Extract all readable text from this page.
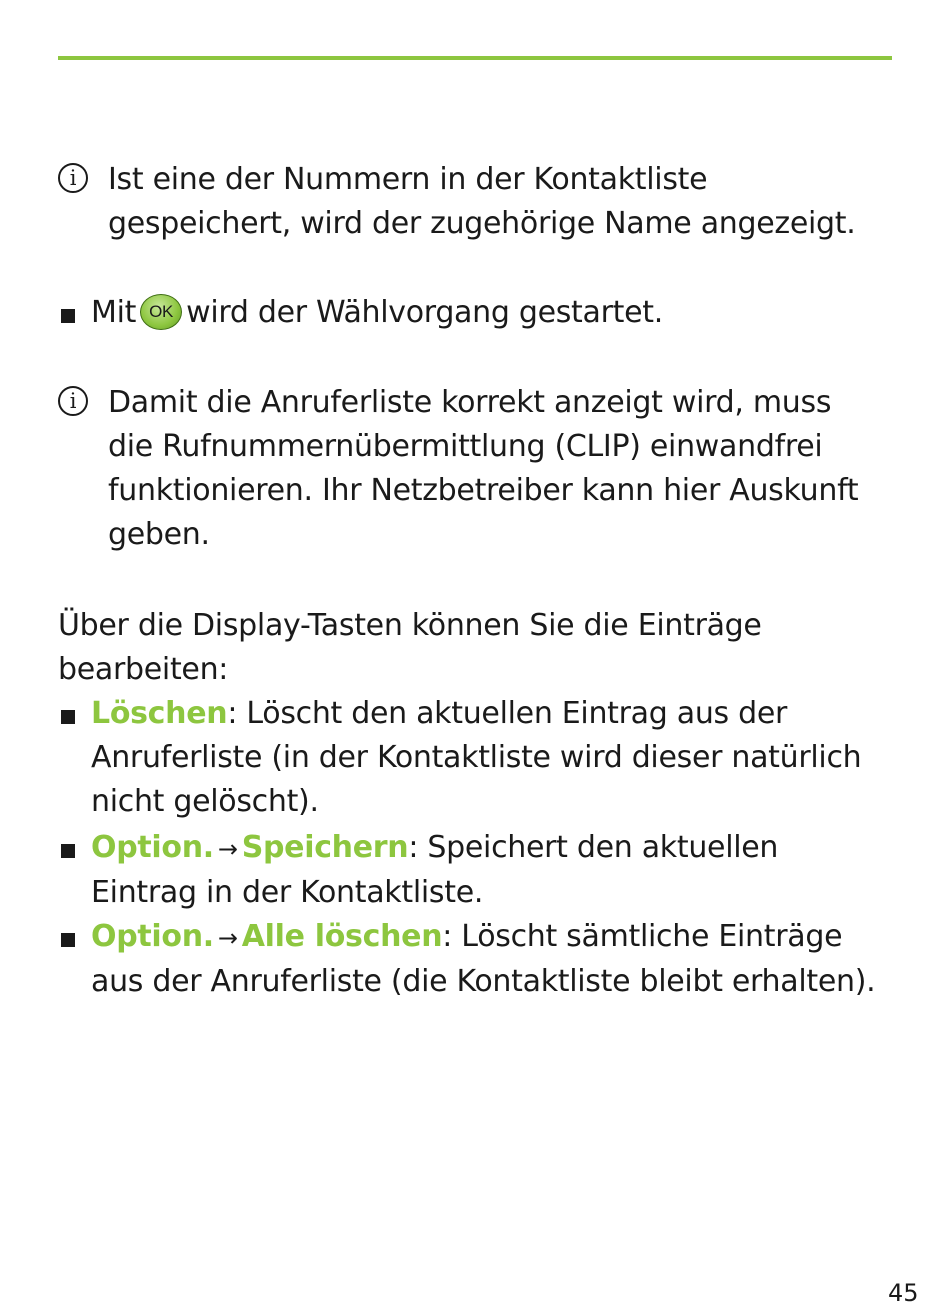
i	Ist eine der Nummern in der Kontaktliste gespeichert, wird der zugehörige Name angezeigt.
Mit OK wird der Wählvorgang gestartet.
i	Damit die Anruferliste korrekt anzeigt wird, muss die Rufnummernübermittlung (CLIP) einwandfrei funktionieren. Ihr Netzbetreiber kann hier Auskunft geben.
Über die Display-Tasten können Sie die Einträge bearbeiten:
Löschen: Löscht den aktuellen Eintrag aus der Anruferliste (in der Kontaktliste wird dieser natürlich nicht gelöscht).
Option. → Speichern: Speichert den aktuellen Eintrag in der Kontaktliste.
Option. → Alle löschen: Löscht sämtliche Einträge aus der Anruferliste (die Kontaktliste bleibt erhalten).
45
